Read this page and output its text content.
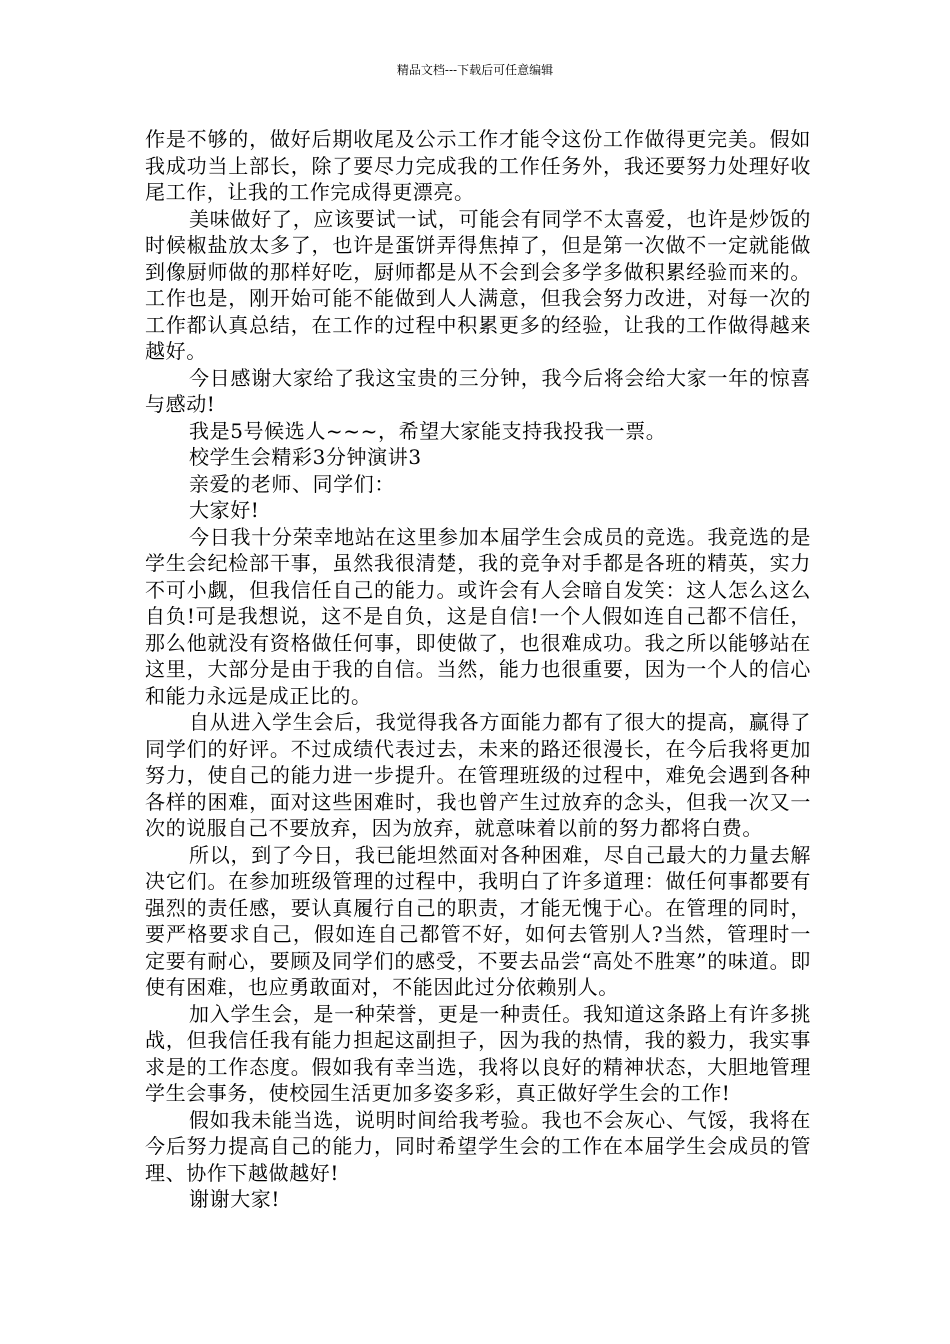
精品文档---下载后可任意编辑

作是不够的，做好后期收尾及公示工作才能令这份工作做得更完美。假如我成功当上部长，除了要尽力完成我的工作任务外，我还要努力处理好收尾工作，让我的工作完成得更漂亮。

美味做好了，应该要试一试，可能会有同学不太喜爱，也许是炒饭的时候椒盐放太多了，也许是蛋饼弄得焦掉了，但是第一次做不一定就能做到像厨师做的那样好吃，厨师都是从不会到会多学多做积累经验而来的。工作也是，刚开始可能不能做到人人满意，但我会努力改进，对每一次的工作都认真总结，在工作的过程中积累更多的经验，让我的工作做得越来越好。

今日感谢大家给了我这宝贵的三分钟，我今后将会给大家一年的惊喜与感动!

我是5号候选人~~~，希望大家能支持我投我一票。

校学生会精彩3分钟演讲3

亲爱的老师、同学们：

大家好!

今日我十分荣幸地站在这里参加本届学生会成员的竞选。我竞选的是学生会纪检部干事，虽然我很清楚，我的竞争对手都是各班的精英，实力不可小觑，但我信任自己的能力。或许会有人会暗自发笑：这人怎么这么自负!可是我想说，这不是自负，这是自信!一个人假如连自己都不信任，那么他就没有资格做任何事，即使做了，也很难成功。我之所以能够站在这里，大部分是由于我的自信。当然，能力也很重要，因为一个人的信心和能力永远是成正比的。

自从进入学生会后，我觉得我各方面能力都有了很大的提高，赢得了同学们的好评。不过成绩代表过去，未来的路还很漫长，在今后我将更加努力，使自己的能力进一步提升。在管理班级的过程中，难免会遇到各种各样的困难，面对这些困难时，我也曾产生过放弃的念头，但我一次又一次的说服自己不要放弃，因为放弃，就意味着以前的努力都将白费。

所以，到了今日，我已能坦然面对各种困难，尽自己最大的力量去解决它们。在参加班级管理的过程中，我明白了许多道理：做任何事都要有强烈的责任感，要认真履行自己的职责，才能无愧于心。在管理的同时，要严格要求自己，假如连自己都管不好，如何去管别人?当然，管理时一定要有耐心，要顾及同学们的感受，不要去品尝“高处不胜寒”的味道。即使有困难，也应勇敢面对，不能因此过分依赖别人。

加入学生会，是一种荣誉，更是一种责任。我知道这条路上有许多挑战，但我信任我有能力担起这副担子，因为我的热情，我的毅力，我实事求是的工作态度。假如我有幸当选，我将以良好的精神状态，大胆地管理学生会事务，使校园生活更加多姿多彩，真正做好学生会的工作!

假如我未能当选，说明时间给我考验。我也不会灰心、气馁，我将在今后努力提高自己的能力，同时希望学生会的工作在本届学生会成员的管理、协作下越做越好!

谢谢大家!
